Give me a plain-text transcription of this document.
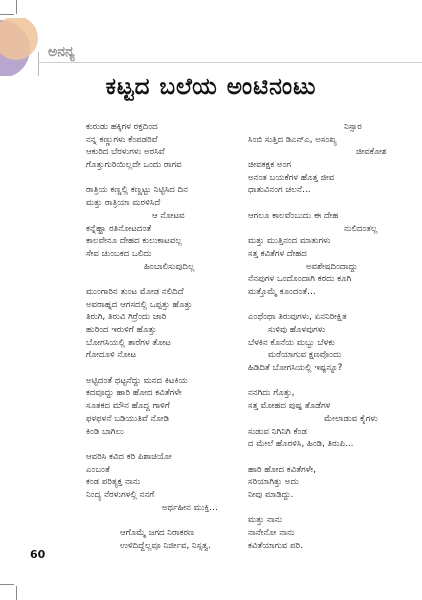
ಅನನ್ಯ
ಕಟ್ಟದ ಬಲೆಯ ಅಂಟಿನಂಟು
ಕುರುಡು ಹಕ್ಕಿಗಳ ರಕ್ತದಿಂದ
ನನ್ನ ಕಣ್ಣುಗಳು ಕೆಂಪಡರಿವೆ
ಆಕುರಿದ ಬೆರಳುಗಳು ಅರಸಿವೆ
ಗೊತ್ತುಗುರಿಯಿಲ್ಲದೇ ಒಂದು ರಾಗವ
ರಾತ್ರಿಯ ಕಣ್ಣಲ್ಲಿ ಕಣ್ಣಟ್ಟು ನಿಟ್ಟಿಸಿದ ದಿನ
ಮತ್ತು ರಾತ್ರಿಯಾ ಮರಳಿಸಿದೆ
ಆ ನೋಟವ
ಕನ್ನೆಹ್ಹಾ ರತಿನೋಟದಂತೆ
ಕಾಲವೇನೂ ದೇಹದ ಕುಲುಕಾಟವಲ್ಲ
ಸೇವ ಚುಂಬಕದ ಒಲಿದು
ಹಿಂಬಾಲಿಸುವುದಿಲ್ಲ
ಮುಂಗಾರಿನ ತುಂಟ ಮೋಡ ನಲಿದಿದೆ
ಅವರಾಹ್ನದ ಆಗಸದಲ್ಲಿ ಒಪ್ಪತ್ತು ಹೊತ್ತು
ತಿರುಗಿ, ತಿರುವಿ ಗಿರ್ರೆಂದು ಜಾರಿ
ಹುರಿಂದ ಇರುಳಿಗೆ ಹೊತ್ತು
ಬೋಗಸಿಯಲ್ಲಿ ತಾರೆಗಳ ತೋಟ
ಗೋದೂಳಿ ನೋಟ
ಅಟ್ಟಿದಂತೆ ಥಟ್ಟನೆದ್ದು ಮನದ ಕಿಟಕಿಯ
ಕದವೂದ್ದು ಹಾರಿ ಹೋದ ಕವಿತೆಗಳೇ
ಸೂತಕದ ಮೌನ ಹೊದ್ದ ಗಾಳಿಗೆ
ಫಳಫಳನೆ ಬಡಿಯುತಿವೆ ನೋಡಿ
ಕಿಂಡಿ ಬಾಗಿಲು
ಆವರಿಸಿ ಕವಿದ ಕರಿ ಪಿಶಾಚಿಯೋ
ಎಂಬಂತೆ
ಕಂಡ ಪರಿತ್ಯಕ್ತ ನಾನು
ನಿಂದ್ಯ ನೆರಳುಗಳಲ್ಲಿ ನನಗೆ
ಅರ್ಥಹೀನ ಮುಕ್ತಿ…
ಆಗೊಮ್ಮೆ ಜಗದ ನಿರಾಕರಣ
ಉಳಿದಿದ್ದೆಲ್ಲವೂ ನಿರ್ಜೀವ, ನಿಸ್ಸತ್ವ.
ನಿಸ್ಸಾರ
ಸಿಂಬಿ ಸುತ್ತಿದ ಡಿಎನ್ಎ, ಅಸಂಖ್ಯ
ಜೀವಕೋಶ
ಜೀವಕಕ್ಷಕ ಅಂಗ
ಅನಂತ ಬಯಕೆಗಳ ಹೊತ್ತ ಜೀವ
ಧಾತುವಿನಂಗ ಚಲನೆ…
ಆಗಲೂ ಕಾಲವೆಂಬುದು ಈ ದೇಹ
ನುಲಿದಂತಲ್ಲ
ಮತ್ತು ಮುತ್ತಿನಂದ ಮಾತುಗಳು
ಸತ್ತ ಕವಿತೆಗಳ ದೇಹದ
ಅವಶೇಷದಿಂದಾದ್ದು
ನೆನಪುಗಳ ಒಂದೊಂದಾಗಿ ಕರದು ಕೂಗಿ
ಮತ್ತೊಮ್ಮೆ ಕೂಂದಂತೆ…
ಎಂಥೆಂಥಾ ತಿರುವುಗಳು, ಏನನಿರೀಕ್ಷಿತ
ಸುಳಿವು ಹೊಳವುಗಳು
ಬೆಳಕಿನ ಕೊನೆಯ ಮಬ್ಬು ಬೆಳಕು
ಮರೆಯಾಗುವ ಕ್ಷಣವೊಂದು
ಹಿಡಿದಿತೆ ಬೋಗಸಿಯಲ್ಲಿ ಇಷ್ಟನ್ನೂ?
ನನಗಿದು ಗೊತ್ತು,
ಸತ್ತ ಮೋಹದ ಪುಷ್ಪ ತೊಡೆಗಳ
ಮೇಲಾಡುವ ಕೈಗಳು
ಸುಡುವ ನಿಗಿನಿಗಿ ಕೆಂಡ
ದ ಮೇಲೆ ಹೊರಳಿಸಿ, ಹಿಂಡಿ, ತಿರುಪಿ…
ಹಾರಿ ಹೋದ ಕವಿತೆಗಳೇ,
ಸರಿಯಾಗಿತ್ತು ಅದು
ನೀವು ಮಾಡಿದ್ದು.
ಮತ್ತು ನಾನು
ನಾನೇನೋ ನಾನು
ಕವಿತೆಯಾಗುವ ಪರಿ.
60
